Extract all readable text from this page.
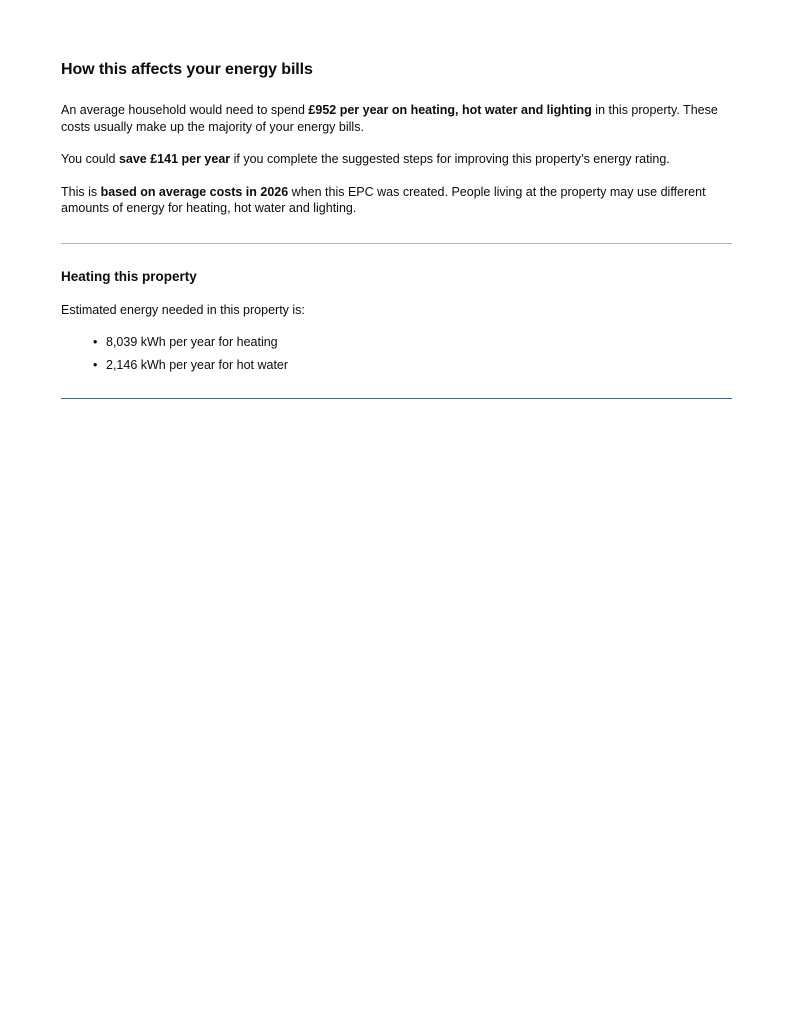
How this affects your energy bills

An average household would need to spend £952 per year on heating, hot water and lighting in this property. These costs usually make up the majority of your energy bills.

You could save £141 per year if you complete the suggested steps for improving this property’s energy rating.

This is based on average costs in 2026 when this EPC was created. People living at the property may use different amounts of energy for heating, hot water and lighting.

Heating this property

Estimated energy needed in this property is:

• 8,039 kWh per year for heating
• 2,146 kWh per year for hot water
